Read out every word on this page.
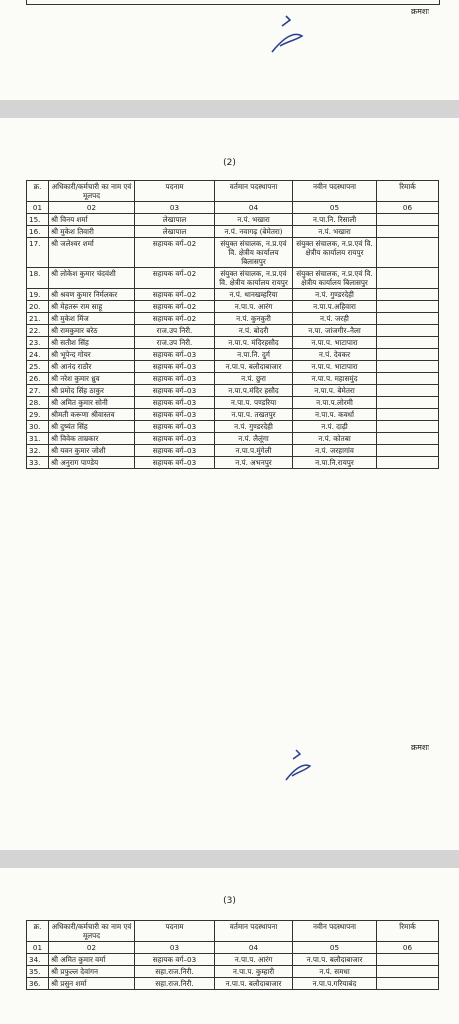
क्रमशः
(2)
क्र.	अधिकारी/कर्मचारी का नाम एवं मूलपद	पदनाम	वर्तमान पदस्थापना	नवीन पदस्थापना	रिमार्क
01	02	03	04	05	06
15.	श्री विनय शर्मा	लेखापाल	न.पं. भखारा	न.पा.नि. रिसाली	
16.	श्री मुकेश तिवारी	लेखापाल	न.पं. नवागढ़ (बेमेतरा)	न.पं. भखारा	
17.	श्री जलेश्वर शर्मा	सहायक वर्ग–02	संयुक्त संचालक, न.प्र.एवं वि. क्षेत्रीय कार्यालय बिलासपुर	संयुक्त संचालक, न.प्र.एवं वि. क्षेत्रीय कार्यालय रायपुर	
18.	श्री लोकेश कुमार चंदवंशी	सहायक वर्ग–02	संयुक्त संचालक, न.प्र.एवं वि. क्षेत्रीय कार्यालय रायपुर	संयुक्त संचालक, न.प्र.एवं वि. क्षेत्रीय कार्यालय बिलासपुर	
19.	श्री श्रवण कुमार निर्मलकर	सहायक वर्ग–02	न.पं. थानखम्हरिया	न.पं. गुण्डरदेही	
20.	श्री मेहतरू राम साहू	सहायक वर्ग–02	न.पा.प. आरंग	न.पा.प.अहिवारा	
21.	श्री मुकेश मिंज	सहायक वर्ग–02	न.पं. कुनकुरी	न.पं. जरही	
22.	श्री रामकुमार बरेठ	राज.उप निरी.	न.पं. बोदरी	न.पा. जांजगीर–नैला	
23.	श्री सतीश सिंह	राज.उप निरी.	न.पा.प. मंदिरहसौद	न.पा.प. भाटापारा	
24.	श्री भूपेन्द गोयर	सहायक वर्ग–03	न.पा.नि. दुर्ग	न.पं. देवकर	
25.	श्री आनंद राठौर	सहायक वर्ग–03	न.पा.प. बलौदाबाजार	न.पा.प. भाटापारा	
26.	श्री नरेश कुमार ध्रुव	सहायक वर्ग–03	न.पं. छुरा	न.पा.प. महासमुंद	
27.	श्री प्रमोद सिंह ठाकुर	सहायक वर्ग–03	न.पा.प.मंदिर हसौद	न.पा.प. बेमेतरा	
28.	श्री अमित कुमार सोनी	सहायक वर्ग–03	न.पा.प. पण्डरिया	न.पा.प.लोरमी	
29.	श्रीमती करूणा श्रीवास्तव	सहायक वर्ग–03	न.पा.प. तखतपुर	न.पा.प. कवर्धा	
30.	श्री दुष्यंत सिंह	सहायक वर्ग–03	न.पं. गुण्डरदेही	न.पं. दाढ़ी	
31.	श्री विवेक ताम्रकार	सहायक वर्ग–03	न.पं. लैलूंगा	न.पं. कोतबा	
32.	श्री यवन कुमार जोशी	सहायक वर्ग–03	न.पा.प.मुंगेली	न.पं. जरहागांव	
33.	श्री अनुराग पाण्डेय	सहायक वर्ग–03	न.पं. अभनपुर	न.पा.नि.रायपुर	
क्रमशः
(3)
क्र.	अधिकारी/कर्मचारी का नाम एवं मूलपद	पदनाम	वर्तमान पदस्थापना	नवीन पदस्थापना	रिमार्क
01	02	03	04	05	06
34.	श्री अमित कुमार वर्मा	सहायक वर्ग–03	न.पा.प. आरंग	न.पा.प. बलौदाबाजार	
35.	श्री प्रफुल्ल देवांगन	सहा.राज.निरी.	न.पा.प. कुम्हारी	न.पं. समधा	
36.	श्री प्रसुन शर्मा	सहा.राज.निरी.	न.पा.प. बलौदाबाजार	न.पा.प.गरियाबंद	
